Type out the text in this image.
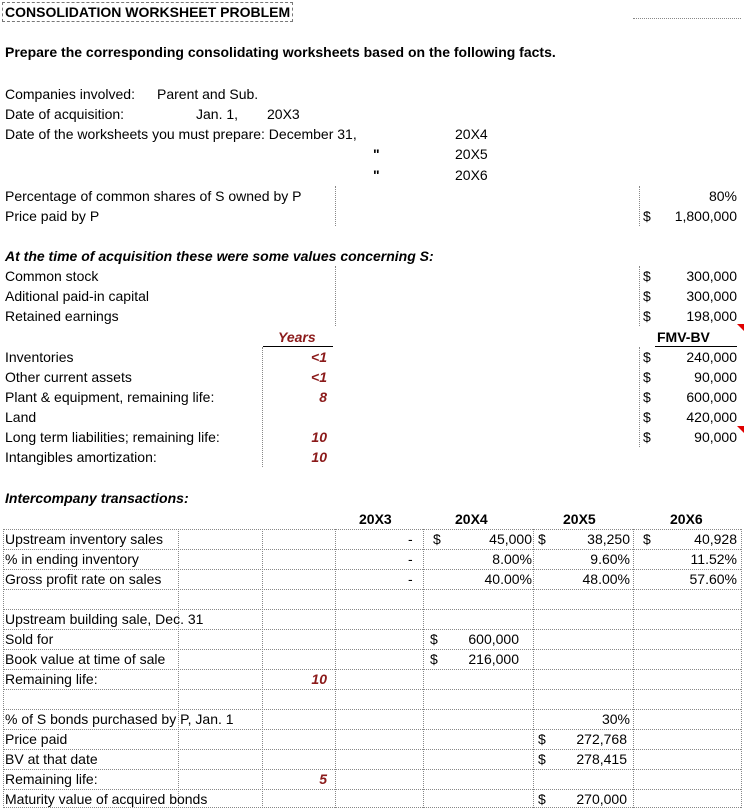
CONSOLIDATION WORKSHEET PROBLEM
Prepare the corresponding consolidating worksheets based on the following facts.
Companies involved: Parent and Sub.
Date of acquisition:	Jan. 1, 20X3
Date of the worksheets you must prepare: December 31,	20X4
"	20X5
"	20X6
Percentage of common shares of S owned by P	80%
Price paid by P	$	1,800,000
At the time of acquisition these were some values concerning S:
Common stock	$	300,000
Aditional paid-in capital	$	300,000
Retained earnings	$	198,000
Years	FMV-BV
Inventories	<1	$	240,000
Other current assets	<1	$	90,000
Plant & equipment, remaining life:	8	$	600,000
Land	$	420,000
Long term liabilities; remaining life:	10	$	90,000
Intangibles amortization:	10
Intercompany transactions:
20X3	20X4	20X5	20X6
Upstream inventory sales	- $	45,000 $	38,250 $	40,928
% in ending inventory	-	8.00%	9.60%	11.52%
Gross profit rate on sales	-	40.00%	48.00%	57.60%
Upstream building sale, Dec. 31
Sold for	$	600,000
Book value at time of sale	$	216,000
Remaining life:	10
% of S bonds purchased by P, Jan. 1	30%
Price paid	$	272,768
BV at that date	$	278,415
Remaining life:	5
Maturity value of acquired bonds	$	270,000
